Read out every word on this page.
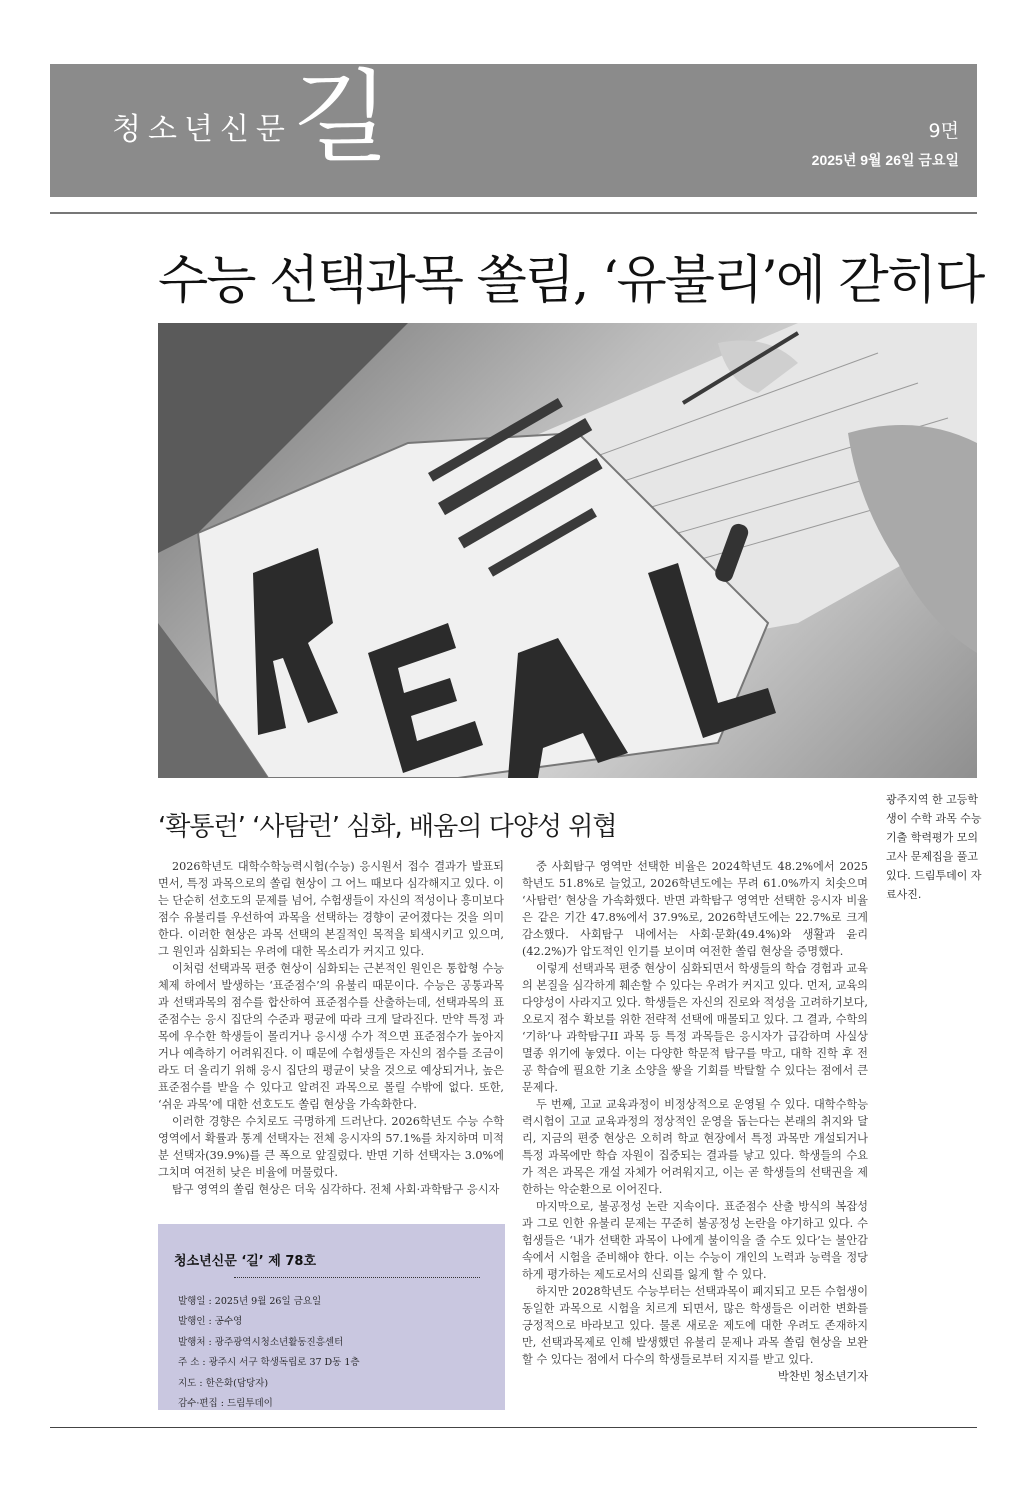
청소년신문 길	9면
2025년 9월 26일 금요일
수능 선택과목 쏠림, ‘유불리’에 갇히다
광주지역 한 고등학생이 수학 과목 수능기출 학력평가 모의고사 문제집을 풀고 있다. 드림투데이 자료사진.
‘확통런’ ‘사탐런’ 심화, 배움의 다양성 위협

2026학년도 대학수학능력시험(수능) 응시원서 접수 결과가 발표되면서, 특정 과목으로의 쏠림 현상이 그 어느 때보다 심각해지고 있다. 이는 단순히 선호도의 문제를 넘어, 수험생들이 자신의 적성이나 흥미보다 점수 유불리를 우선하여 과목을 선택하는 경향이 굳어졌다는 것을 의미한다. 이러한 현상은 과목 선택의 본질적인 목적을 퇴색시키고 있으며, 그 원인과 심화되는 우려에 대한 목소리가 커지고 있다.

이처럼 선택과목 편중 현상이 심화되는 근본적인 원인은 통합형 수능 체제 하에서 발생하는 ‘표준점수’의 유불리 때문이다. 수능은 공통과목과 선택과목의 점수를 합산하여 표준점수를 산출하는데, 선택과목의 표준점수는 응시 집단의 수준과 평균에 따라 크게 달라진다. 만약 특정 과목에 우수한 학생들이 몰리거나 응시생 수가 적으면 표준점수가 높아지거나 예측하기 어려워진다. 이 때문에 수험생들은 자신의 점수를 조금이라도 더 올리기 위해 응시 집단의 평균이 낮을 것으로 예상되거나, 높은 표준점수를 받을 수 있다고 알려진 과목으로 몰릴 수밖에 없다. 또한, ‘쉬운 과목’에 대한 선호도도 쏠림 현상을 가속화한다.

이러한 경향은 수치로도 극명하게 드러난다. 2026학년도 수능 수학 영역에서 확률과 통계 선택자는 전체 응시자의 57.1%를 차지하며 미적분 선택자(39.9%)를 큰 폭으로 앞질렀다. 반면 기하 선택자는 3.0%에 그치며 여전히 낮은 비율에 머물렀다.

탐구 영역의 쏠림 현상은 더욱 심각하다. 전체 사회·과학탐구 응시자

중 사회탐구 영역만 선택한 비율은 2024학년도 48.2%에서 2025학년도 51.8%로 늘었고, 2026학년도에는 무려 61.0%까지 치솟으며 ‘사탐런’ 현상을 가속화했다. 반면 과학탐구 영역만 선택한 응시자 비율은 같은 기간 47.8%에서 37.9%로, 2026학년도에는 22.7%로 크게 감소했다. 사회탐구 내에서는 사회·문화(49.4%)와 생활과 윤리(42.2%)가 압도적인 인기를 보이며 여전한 쏠림 현상을 증명했다.

이렇게 선택과목 편중 현상이 심화되면서 학생들의 학습 경험과 교육의 본질을 심각하게 훼손할 수 있다는 우려가 커지고 있다. 먼저, 교육의 다양성이 사라지고 있다. 학생들은 자신의 진로와 적성을 고려하기보다, 오로지 점수 확보를 위한 전략적 선택에 매몰되고 있다. 그 결과, 수학의 ‘기하’나 과학탐구II 과목 등 특정 과목들은 응시자가 급감하며 사실상 멸종 위기에 놓였다. 이는 다양한 학문적 탐구를 막고, 대학 진학 후 전공 학습에 필요한 기초 소양을 쌓을 기회를 박탈할 수 있다는 점에서 큰 문제다.

두 번째, 고교 교육과정이 비정상적으로 운영될 수 있다. 대학수학능력시험이 고교 교육과정의 정상적인 운영을 돕는다는 본래의 취지와 달리, 지금의 편중 현상은 오히려 학교 현장에서 특정 과목만 개설되거나 특정 과목에만 학습 자원이 집중되는 결과를 낳고 있다. 학생들의 수요가 적은 과목은 개설 자체가 어려워지고, 이는 곧 학생들의 선택권을 제한하는 악순환으로 이어진다.

마지막으로, 불공정성 논란 지속이다. 표준점수 산출 방식의 복잡성과 그로 인한 유불리 문제는 꾸준히 불공정성 논란을 야기하고 있다. 수험생들은 ‘내가 선택한 과목이 나에게 불이익을 줄 수도 있다’는 불안감 속에서 시험을 준비해야 한다. 이는 수능이 개인의 노력과 능력을 정당하게 평가하는 제도로서의 신뢰를 잃게 할 수 있다.

하지만 2028학년도 수능부터는 선택과목이 폐지되고 모든 수험생이 동일한 과목으로 시험을 치르게 되면서, 많은 학생들은 이러한 변화를 긍정적으로 바라보고 있다. 물론 새로운 제도에 대한 우려도 존재하지만, 선택과목제로 인해 발생했던 유불리 문제나 과목 쏠림 현상을 보완할 수 있다는 점에서 다수의 학생들로부터 지지를 받고 있다.

박찬빈 청소년기자

청소년신문 ‘길’ 제 78호
발행일 : 2025년 9월 26일 금요일
발행인 : 공수영
발행처 : 광주광역시청소년활동진흥센터
주 소 : 광주시 서구 학생독립로 37 D동 1층
지도 : 한은화(담당자)
감수·편집 : 드림투데이
